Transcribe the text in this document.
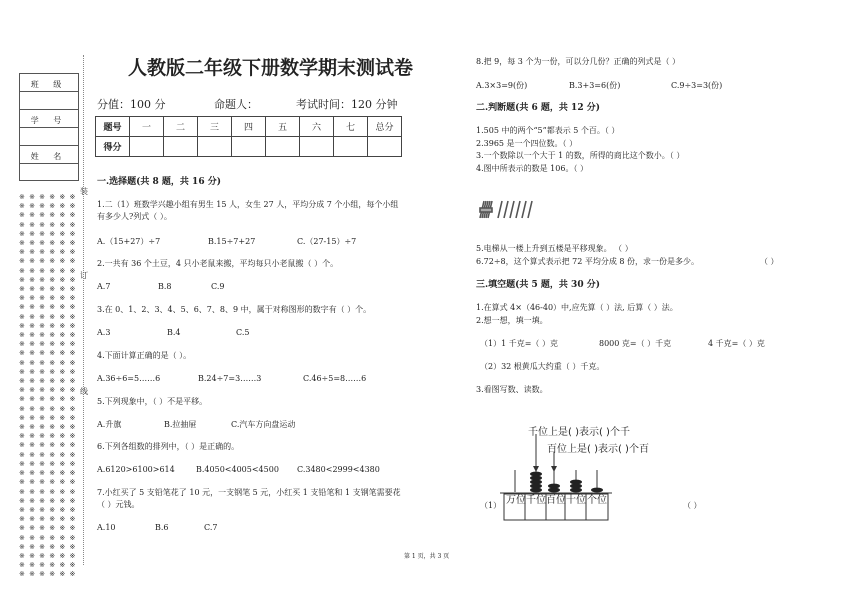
班 级
学 号
姓 名
※ ※ ※ ※ ※ ※
※ ※ ※ ※ ※ ※
※ ※ ※ ※ ※ ※
※ ※ ※ ※ ※ ※
※ ※ ※ ※ ※ ※
※ ※ ※ ※ ※ ※
※ ※ ※ ※ ※ ※
※ ※ ※ ※ ※ ※
※ ※ ※ ※ ※ ※
※ ※ ※ ※ ※ ※
※ ※ ※ ※ ※ ※
※ ※ ※ ※ ※ ※
※ ※ ※ ※ ※ ※
※ ※ ※ ※ ※ ※
※ ※ ※ ※ ※ ※
※ ※ ※ ※ ※ ※
※ ※ ※ ※ ※ ※
※ ※ ※ ※ ※ ※
※ ※ ※ ※ ※ ※
※ ※ ※ ※ ※ ※
※ ※ ※ ※ ※ ※
※ ※ ※ ※ ※ ※
※ ※ ※ ※ ※ ※
※ ※ ※ ※ ※ ※
※ ※ ※ ※ ※ ※
※ ※ ※ ※ ※ ※
※ ※ ※ ※ ※ ※
※ ※ ※ ※ ※ ※
※ ※ ※ ※ ※ ※
※ ※ ※ ※ ※ ※
※ ※ ※ ※ ※ ※
※ ※ ※ ※ ※ ※
※ ※ ※ ※ ※ ※
※ ※ ※ ※ ※ ※
※ ※ ※ ※ ※ ※
※ ※ ※ ※ ※ ※
※ ※ ※ ※ ※ ※
※ ※ ※ ※ ※ ※
※ ※ ※ ※ ※ ※
※ ※ ※ ※ ※ ※
※ ※ ※ ※ ※ ※
※ ※ ※ ※ ※ ※
装
订
线
人教版二年级下册数学期末测试卷
分值：100 分	命题人：	考试时间：120 分钟
题号	一	二	三	四	五	六	七	总分
得分								
一.选择题(共 8 题，共 16 分)
1.二（1）班数学兴趣小组有男生 15 人，女生 27 人，平均分成 7 个小组，每个小组
有多少人?列式（ ）。
A.（15+27）÷7	B.15÷7+27	C.（27-15）÷7
2.一共有 36 个土豆，4 只小老鼠来搬，平均每只小老鼠搬（ ）个。
A.7	B.8	C.9
3.在 0、1、2、3、4、5、6、7、8、9 中，属于对称图形的数字有（ ）个。
A.3	B.4	C.5
4.下面计算正确的是（ ）。
A.36÷6=5……6	B.24÷7=3……3	C.46÷5=8……6
5.下列现象中，（ ）不是平移。
A.升旗	B.拉抽屉	C.汽车方向盘运动
6.下列各组数的排列中，（ ）是正确的。
A.6120>6100>614	B.4050<4005<4500 C.3480<2999<4380
7.小红买了 5 支铅笔花了 10 元，一支钢笔 5 元，小红买 1 支铅笔和 1 支钢笔需要花
（ ）元钱。
A.10	B.6	C.7
第 1 页，共 3 页
8.把 9，每 3 个为一份，可以分几份？正确的列式是（ ）
A.3×3=9(份)	B.3+3=6(份)	C.9÷3=3(份)
二.判断题(共 6 题，共 12 分)
1.505 中的两个“5”都表示 5 个百。（ ）
2.3965 是一个四位数。（ ）
3.一个数除以一个大于 1 的数，所得的商比这个数小。（ ）
4.图中所表示的数是 106。（ ）
5.电梯从一楼上升到五楼是平移现象。 （ ）
6.72÷8，这个算式表示把 72 平均分成 8 份，求一份是多少。	（ ）
三.填空题(共 5 题，共 30 分)
1.在算式 4×（46-40）中,应先算（ ）法, 后算（ ）法。
2.想一想，填一填。
（1）1 千克=（ ）克	8000 克=（ ）千克	4 千克=（ ）克
（2）32 根黄瓜大约重（ ）千克。
3.看图写数、读数。
千位上是( )表示( )个千
百位上是( )表示( )个百
（1）	（ ）
万位 千位 百位 十位 个位
